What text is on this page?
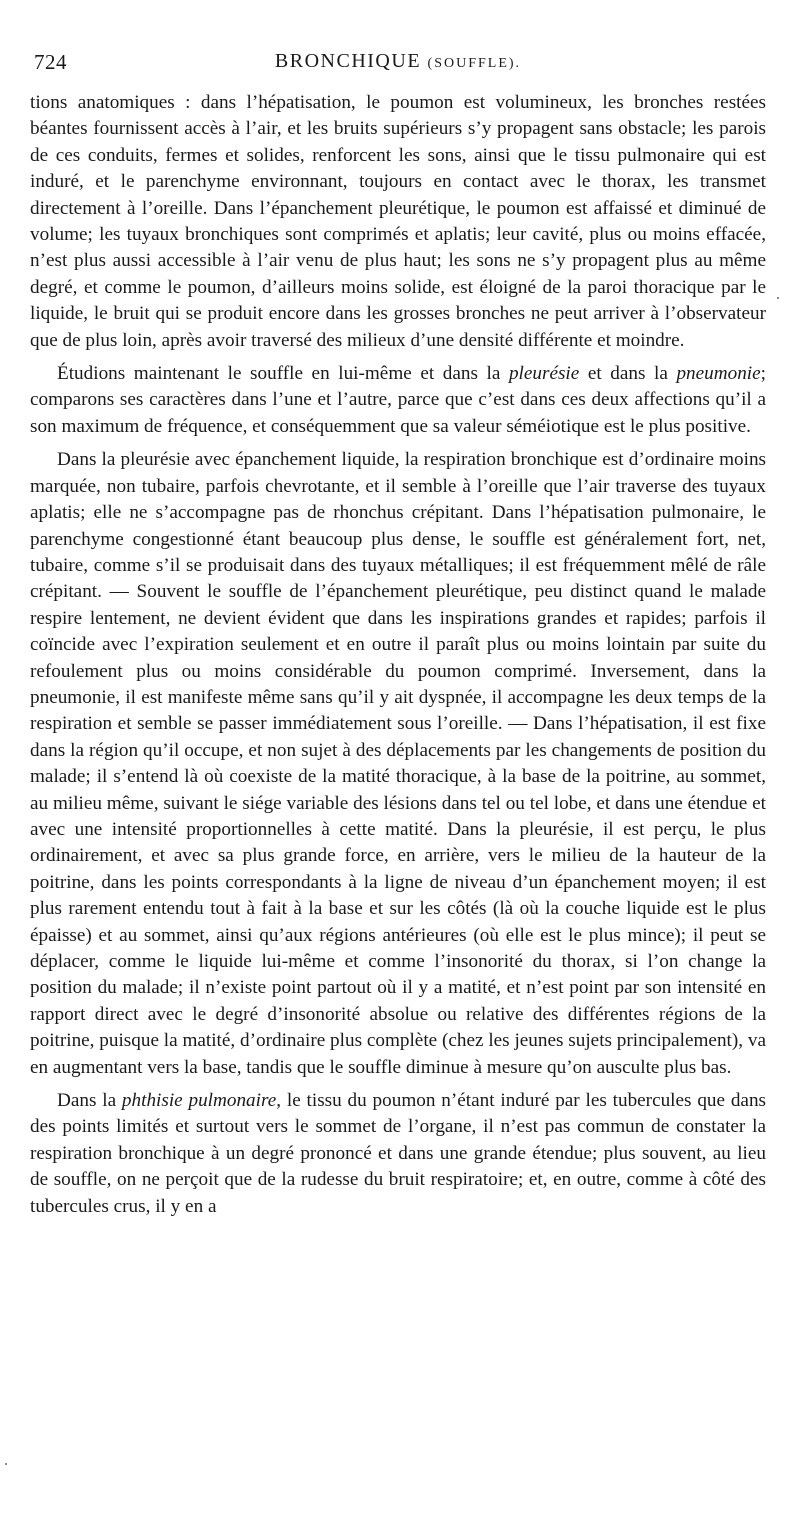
724	BRONCHIQUE (SOUFFLE).

tions anatomiques : dans l’hépatisation, le poumon est volumineux, les bronches restées béantes fournissent accès à l’air, et les bruits supérieurs s’y propagent sans obstacle; les parois de ces conduits, fermes et solides, renforcent les sons, ainsi que le tissu pulmonaire qui est induré, et le parenchyme environnant, toujours en contact avec le thorax, les transmet directement à l’oreille. Dans l’épanchement pleurétique, le poumon est affaissé et diminué de volume; les tuyaux bronchiques sont comprimés et aplatis; leur cavité, plus ou moins effacée, n’est plus aussi accessible à l’air venu de plus haut; les sons ne s’y propagent plus au même degré, et comme le poumon, d’ailleurs moins solide, est éloigné de la paroi thoracique par le liquide, le bruit qui se produit encore dans les grosses bronches ne peut arriver à l’observateur que de plus loin, après avoir traversé des milieux d’une densité différente et moindre.

Étudions maintenant le souffle en lui-même et dans la pleurésie et dans la pneumonie; comparons ses caractères dans l’une et l’autre, parce que c’est dans ces deux affections qu’il a son maximum de fréquence, et conséquemment que sa valeur séméiotique est le plus positive.

Dans la pleurésie avec épanchement liquide, la respiration bronchique est d’ordinaire moins marquée, non tubaire, parfois chevrotante, et il semble à l’oreille que l’air traverse des tuyaux aplatis; elle ne s’accompagne pas de rhonchus crépitant. Dans l’hépatisation pulmonaire, le parenchyme congestionné étant beaucoup plus dense, le souffle est généralement fort, net, tubaire, comme s’il se produisait dans des tuyaux métalliques; il est fréquemment mêlé de râle crépitant. — Souvent le souffle de l’épanchement pleurétique, peu distinct quand le malade respire lentement, ne devient évident que dans les inspirations grandes et rapides; parfois il coïncide avec l’expiration seulement et en outre il paraît plus ou moins lointain par suite du refoulement plus ou moins considérable du poumon comprimé. Inversement, dans la pneumonie, il est manifeste même sans qu’il y ait dyspnée, il accompagne les deux temps de la respiration et semble se passer immédiatement sous l’oreille. — Dans l’hépatisation, il est fixe dans la région qu’il occupe, et non sujet à des déplacements par les changements de position du malade; il s’entend là où coexiste de la matité thoracique, à la base de la poitrine, au sommet, au milieu même, suivant le siége variable des lésions dans tel ou tel lobe, et dans une étendue et avec une intensité proportionnelles à cette matité. Dans la pleurésie, il est perçu, le plus ordinairement, et avec sa plus grande force, en arrière, vers le milieu de la hauteur de la poitrine, dans les points correspondants à la ligne de niveau d’un épanchement moyen; il est plus rarement entendu tout à fait à la base et sur les côtés (là où la couche liquide est le plus épaisse) et au sommet, ainsi qu’aux régions antérieures (où elle est le plus mince); il peut se déplacer, comme le liquide lui-même et comme l’insonorité du thorax, si l’on change la position du malade; il n’existe point partout où il y a matité, et n’est point par son intensité en rapport direct avec le degré d’insonorité absolue ou relative des différentes régions de la poitrine, puisque la matité, d’ordinaire plus complète (chez les jeunes sujets principalement), va en augmentant vers la base, tandis que le souffle diminue à mesure qu’on ausculte plus bas.

Dans la phthisie pulmonaire, le tissu du poumon n’étant induré par les tubercules que dans des points limités et surtout vers le sommet de l’organe, il n’est pas commun de constater la respiration bronchique à un degré prononcé et dans une grande étendue; plus souvent, au lieu de souffle, on ne perçoit que de la rudesse du bruit respiratoire; et, en outre, comme à côté des tubercules crus, il y en a
